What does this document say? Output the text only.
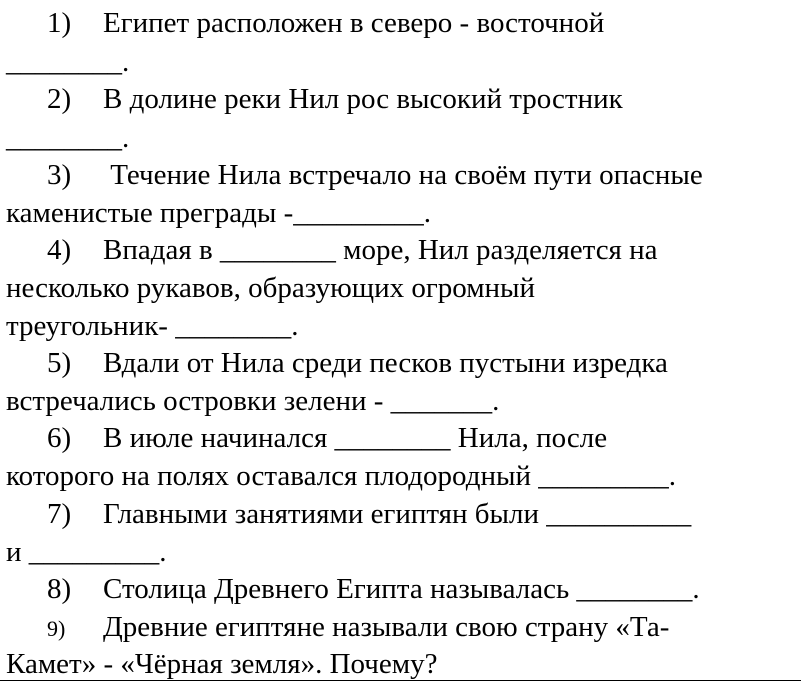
1) Египет расположен в северо - восточной
________.
2) В долине реки Нил рос высокий тростник
________.
3) Течение Нила встречало на своём пути опасные
каменистые преграды -_________.
4) Впадая в ________ море, Нил разделяется на
несколько рукавов, образующих огромный
треугольник- ________.
5) Вдали от Нила среди песков пустыни изредка
встречались островки зелени - _______.
6) В июле начинался ________ Нила, после
которого на полях оставался плодородный _________.
7) Главными занятиями египтян были __________
и _________.
8) Столица Древнего Египта называлась ________.
9) Древние египтяне называли свою страну «Та-
Камет» - «Чёрная земля». Почему?
